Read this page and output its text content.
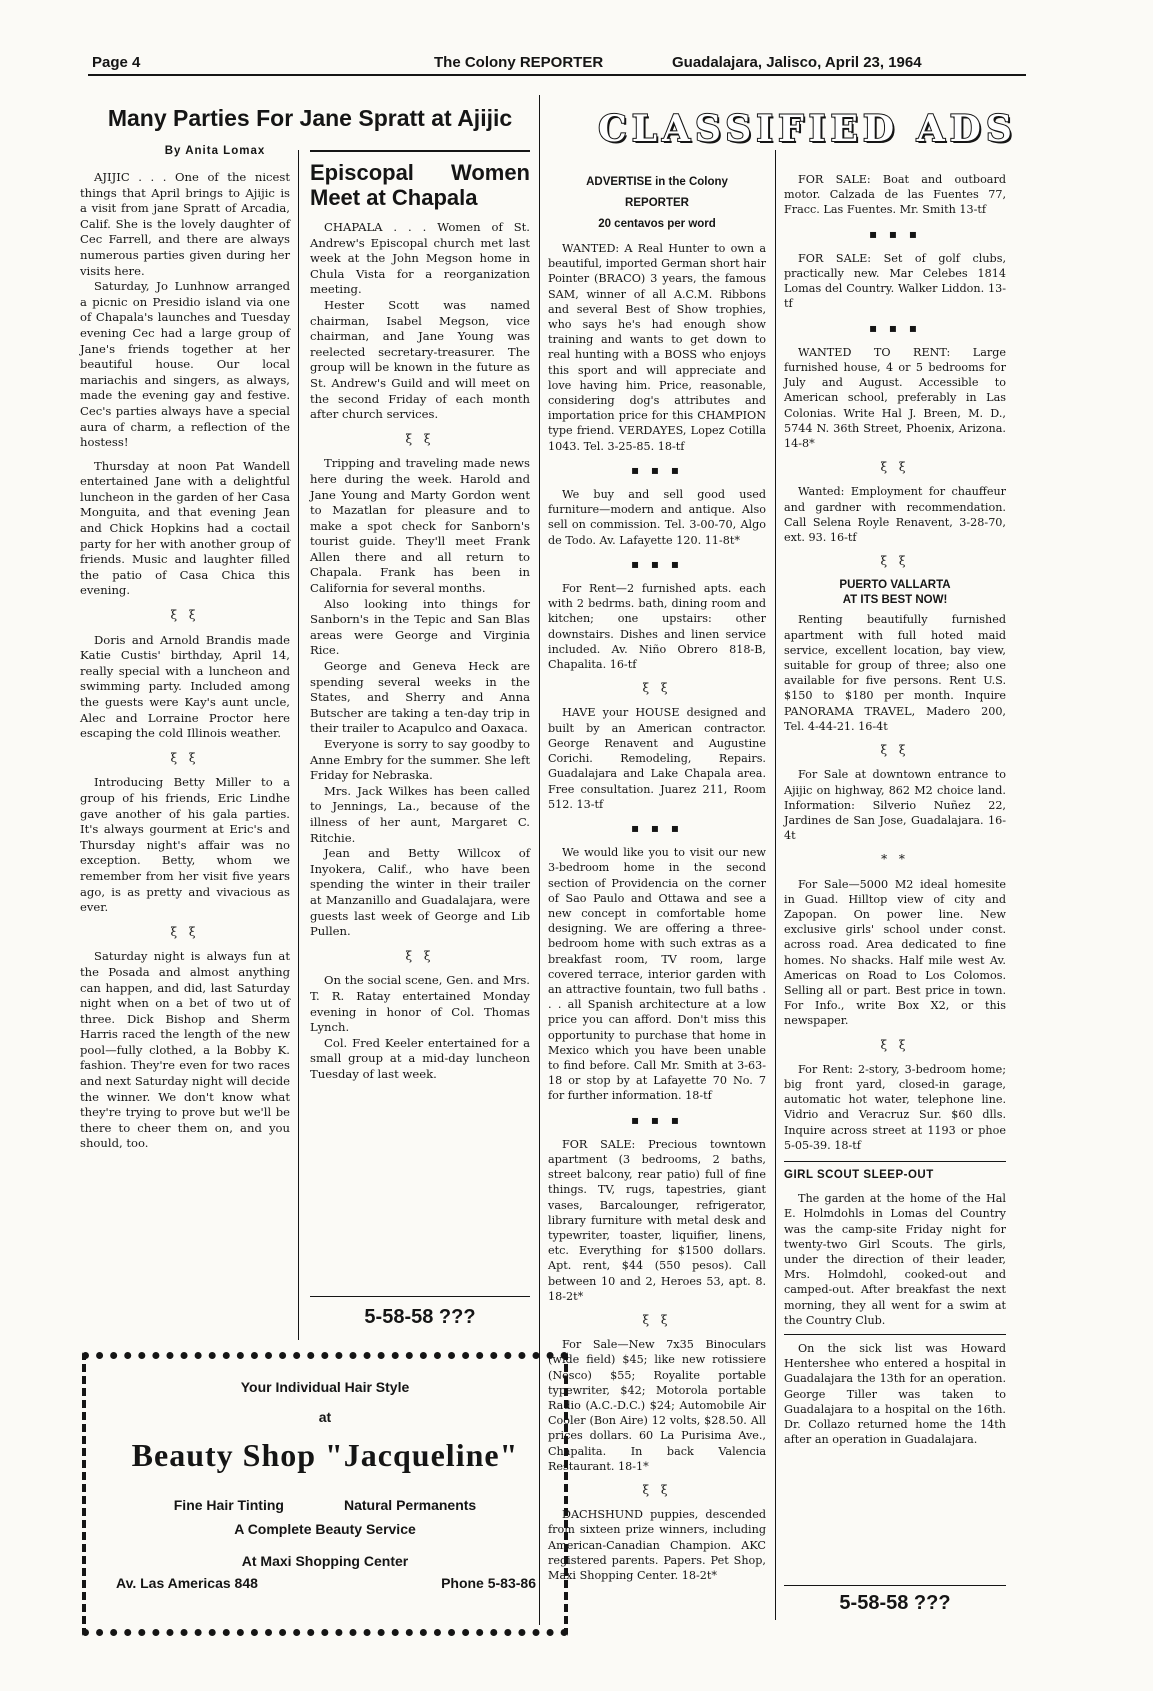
Page 4	The Colony REPORTER	Guadalajara, Jalisco, April 23, 1964
Many Parties For Jane Spratt at Ajijic
By Anita Lomax

AJIJIC . . . One of the nicest things that April brings to Ajijic is a visit from jane Spratt of Arcadia, Calif. She is the lovely daughter of Cec Farrell, and there are always numerous parties given during her visits here.

Saturday, Jo Lunhnow arranged a picnic on Presidio island via one of Chapala's launches and Tuesday evening Cec had a large group of Jane's friends together at her beautiful house. Our local mariachis and singers, as always, made the evening gay and festive. Cec's parties always have a special aura of charm, a reflection of the hostess!

Thursday at noon Pat Wandell entertained Jane with a delightful luncheon in the garden of her Casa Monguita, and that evening Jean and Chick Hopkins had a coctail party for her with another group of friends. Music and laughter filled the patio of Casa Chica this evening.

ξ ξ

Doris and Arnold Brandis made Katie Custis' birthday, April 14, really special with a luncheon and swimming party. Included among the guests were Kay's aunt uncle, Alec and Lorraine Proctor here escaping the cold Illinois weather.

ξ ξ

Introducing Betty Miller to a group of his friends, Eric Lindhe gave another of his gala parties. It's always gourment at Eric's and Thursday night's affair was no exception. Betty, whom we remember from her visit five years ago, is as pretty and vivacious as ever.

ξ ξ

Saturday night is always fun at the Posada and almost anything can happen, and did, last Saturday night when on a bet of two ut of three. Dick Bishop and Sherm Harris raced the length of the new pool—fully clothed, a la Bobby K. fashion. They're even for two races and next Saturday night will decide the winner. We don't know what they're trying to prove but we'll be there to cheer them on, and you should, too.

Episcopal Women Meet at Chapala

CHAPALA . . . Women of St. Andrew's Episcopal church met last week at the John Megson home in Chula Vista for a reorganization meeting.

Hester Scott was named chairman, Isabel Megson, vice chairman, and Jane Young was reelected secretary-treasurer. The group will be known in the future as St. Andrew's Guild and will meet on the second Friday of each month after church services.

ξ ξ

Tripping and traveling made news here during the week. Harold and Jane Young and Marty Gordon went to Mazatlan for pleasure and to make a spot check for Sanborn's tourist guide. They'll meet Frank Allen there and all return to Chapala. Frank has been in California for several months.

Also looking into things for Sanborn's in the Tepic and San Blas areas were George and Virginia Rice.

George and Geneva Heck are spending several weeks in the States, and Sherry and Anna Butscher are taking a ten-day trip in their trailer to Acapulco and Oaxaca.

Everyone is sorry to say goodby to Anne Embry for the summer. She left Friday for Nebraska.

Mrs. Jack Wilkes has been called to Jennings, La., because of the illness of her aunt, Margaret C. Ritchie.

Jean and Betty Willcox of Inyokera, Calif., who have been spending the winter in their trailer at Manzanillo and Guadalajara, were guests last week of George and Lib Pullen.

ξ ξ

On the social scene, Gen. and Mrs. T. R. Ratay entertained Monday evening in honor of Col. Thomas Lynch.

Col. Fred Keeler entertained for a small group at a mid-day luncheon Tuesday of last week.

5-58-58 ???
CLASSIFIED ADS
ADVERTISE in the Colony
REPORTER
20 centavos per word

WANTED: A Real Hunter to own a beautiful, imported German short hair Pointer (BRACO) 3 years, the famous SAM, winner of all A.C.M. Ribbons and several Best of Show trophies, who says he's had enough show training and wants to get down to real hunting with a BOSS who enjoys this sport and will appreciate and love having him. Price, reasonable, considering dog's attributes and importation price for this CHAMPION type friend. VERDAYES, Lopez Cotilla 1043. Tel. 3-25-85. 18-tf

▪ ▪ ▪

We buy and sell good used furniture—modern and antique. Also sell on commission. Tel. 3-00-70, Algo de Todo. Av. Lafayette 120. 11-8t*

▪ ▪ ▪

For Rent—2 furnished apts. each with 2 bedrms. bath, dining room and kitchen; one upstairs: other downstairs. Dishes and linen service included. Av. Niño Obrero 818-B, Chapalita. 16-tf

ξ ξ

HAVE your HOUSE designed and built by an American contractor. George Renavent and Augustine Corichi. Remodeling, Repairs. Guadalajara and Lake Chapala area. Free consultation. Juarez 211, Room 512. 13-tf

▪ ▪ ▪

We would like you to visit our new 3-bedroom home in the second section of Providencia on the corner of Sao Paulo and Ottawa and see a new concept in comfortable home designing. We are offering a three-bedroom home with such extras as a breakfast room, TV room, large covered terrace, interior garden with an attractive fountain, two full baths . . . all Spanish architecture at a low price you can afford. Don't miss this opportunity to purchase that home in Mexico which you have been unable to find before. Call Mr. Smith at 3-63-18 or stop by at Lafayette 70 No. 7 for further information. 18-tf

▪ ▪ ▪

FOR SALE: Precious towntown apartment (3 bedrooms, 2 baths, street balcony, rear patio) full of fine things. TV, rugs, tapestries, giant vases, Barcalounger, refrigerator, library furniture with metal desk and typewriter, toaster, liquifier, linens, etc. Everything for $1500 dollars. Apt. rent, $44 (550 pesos). Call between 10 and 2, Heroes 53, apt. 8. 18-2t*

ξ ξ

For Sale—New 7x35 Binoculars (wide field) $45; like new rotissiere (Nesco) $55; Royalite portable typewriter, $42; Motorola portable Radio (A.C.-D.C.) $24; Automobile Air Cooler (Bon Aire) 12 volts, $28.50. All prices dollars. 60 La Purisima Ave., Chapalita. In back Valencia Restaurant. 18-1*

ξ ξ

DACHSHUND puppies, descended from sixteen prize winners, including American-Canadian Champion. AKC registered parents. Papers. Pet Shop, Maxi Shopping Center. 18-2t*

FOR SALE: Boat and outboard motor. Calzada de las Fuentes 77, Fracc. Las Fuentes. Mr. Smith 13-tf

▪ ▪ ▪

FOR SALE: Set of golf clubs, practically new. Mar Celebes 1814 Lomas del Country. Walker Liddon. 13-tf

▪ ▪ ▪

WANTED TO RENT: Large furnished house, 4 or 5 bedrooms for July and August. Accessible to American school, preferably in Las Colonias. Write Hal J. Breen, M. D., 5744 N. 36th Street, Phoenix, Arizona. 14-8*

ξ ξ

Wanted: Employment for chauffeur and gardner with recommendation. Call Selena Royle Renavent, 3-28-70, ext. 93. 16-tf

ξ ξ
PUERTO VALLARTA
AT ITS BEST NOW!

Renting beautifully furnished apartment with full hoted maid service, excellent location, bay view, suitable for group of three; also one available for five persons. Rent U.S. $150 to $180 per month. Inquire PANORAMA TRAVEL, Madero 200, Tel. 4-44-21. 16-4t

ξ ξ

For Sale at downtown entrance to Ajijic on highway, 862 M2 choice land. Information: Silverio Nuñez 22, Jardines de San Jose, Guadalajara. 16-4t

* *

For Sale—5000 M2 ideal homesite in Guad. Hilltop view of city and Zapopan. On power line. New exclusive girls' school under const. across road. Area dedicated to fine homes. No shacks. Half mile west Av. Americas on Road to Los Colomos. Selling all or part. Best price in town. For Info., write Box X2, or this newspaper.

ξ ξ

For Rent: 2-story, 3-bedroom home; big front yard, closed-in garage, automatic hot water, telephone line. Vidrio and Veracruz Sur. $60 dlls. Inquire across street at 1193 or phoe 5-05-39. 18-tf

GIRL SCOUT SLEEP-OUT

The garden at the home of the Hal E. Holmdohls in Lomas del Country was the camp-site Friday night for twenty-two Girl Scouts. The girls, under the direction of their leader, Mrs. Holmdohl, cooked-out and camped-out. After breakfast the next morning, they all went for a swim at the Country Club.

On the sick list was Howard Hentershee who entered a hospital in Guadalajara the 13th for an operation. George Tiller was taken to Guadalajara to a hospital on the 16th. Dr. Collazo returned home the 14th after an operation in Guadalajara.

5-58-58 ???
Your Individual Hair Style
at
Beauty Shop "Jacqueline"
Fine Hair Tinting	Natural Permanents
A Complete Beauty Service
At Maxi Shopping Center
Av. Las Americas 848	Phone 5-83-86
